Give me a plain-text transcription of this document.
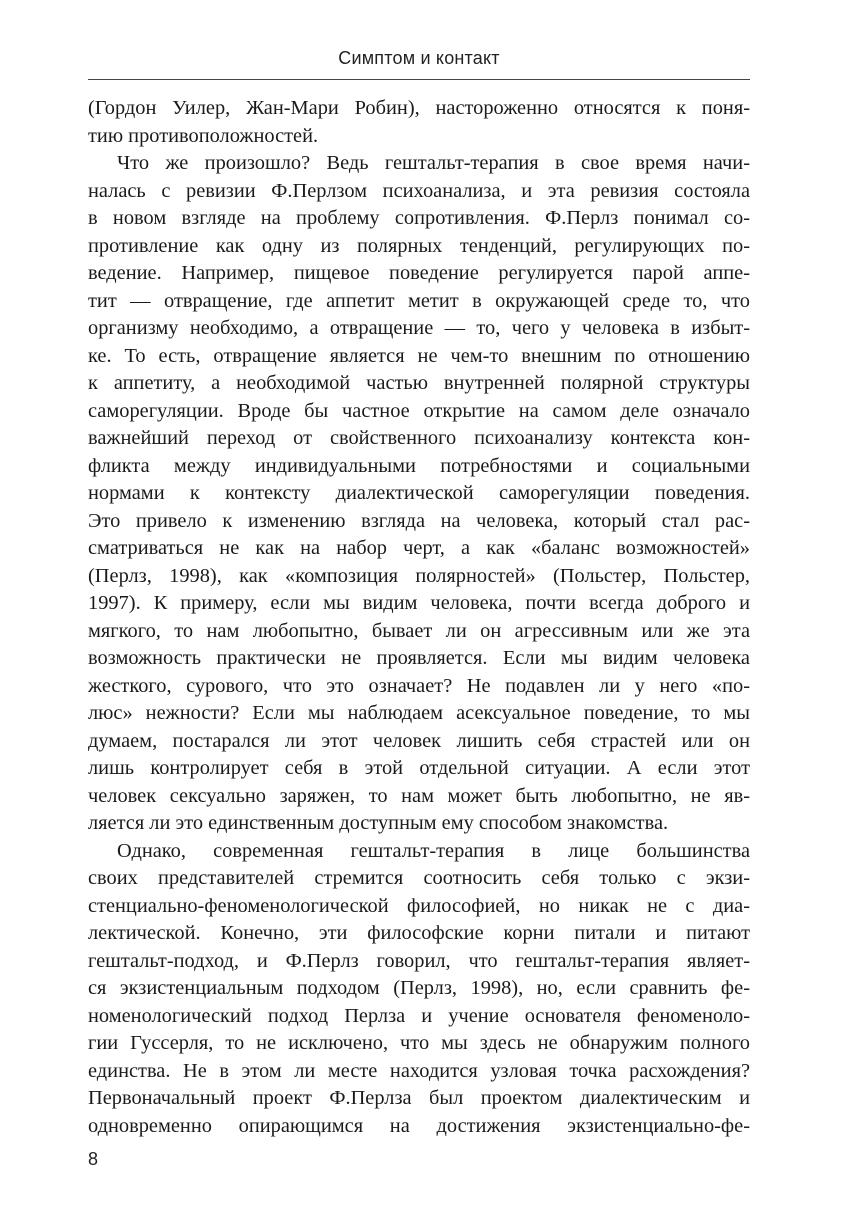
Симптом и контакт
(Гордон Уилер, Жан-Мари Робин), настороженно относятся к поня-
тию противоположностей.
Что же произошло? Ведь гештальт-терапия в свое время начи-
налась с ревизии Ф.Перлзом психоанализа, и эта ревизия состояла
в новом взгляде на проблему сопротивления. Ф.Перлз понимал со-
противление как одну из полярных тенденций, регулирующих по-
ведение. Например, пищевое поведение регулируется парой аппе-
тит — отвращение, где аппетит метит в окружающей среде то, что
организму необходимо, а отвращение — то, чего у человека в избыт-
ке. То есть, отвращение является не чем-то внешним по отношению
к аппетиту, а необходимой частью внутренней полярной структуры
саморегуляции. Вроде бы частное открытие на самом деле означало
важнейший переход от свойственного психоанализу контекста кон-
фликта между индивидуальными потребностями и социальными
нормами к контексту диалектической саморегуляции поведения.
Это привело к изменению взгляда на человека, который стал рас-
сматриваться не как на набор черт, а как «баланс возможностей»
(Перлз, 1998), как «композиция полярностей» (Польстер, Польстер,
1997). К примеру, если мы видим человека, почти всегда доброго и
мягкого, то нам любопытно, бывает ли он агрессивным или же эта
возможность практически не проявляется. Если мы видим человека
жесткого, сурового, что это означает? Не подавлен ли у него «по-
люс» нежности? Если мы наблюдаем асексуальное поведение, то мы
думаем, постарался ли этот человек лишить себя страстей или он
лишь контролирует себя в этой отдельной ситуации. А если этот
человек сексуально заряжен, то нам может быть любопытно, не яв-
ляется ли это единственным доступным ему способом знакомства.
Однако, современная гештальт-терапия в лице большинства
своих представителей стремится соотносить себя только с экзи-
стенциально-феноменологической философией, но никак не с диа-
лектической. Конечно, эти философские корни питали и питают
гештальт-подход, и Ф.Перлз говорил, что гештальт-терапия являет-
ся экзистенциальным подходом (Перлз, 1998), но, если сравнить фе-
номенологический подход Перлза и учение основателя феноменоло-
гии Гуссерля, то не исключено, что мы здесь не обнаружим полного
единства. Не в этом ли месте находится узловая точка расхождения?
Первоначальный проект Ф.Перлза был проектом диалектическим и
одновременно опирающимся на достижения экзистенциально-фе-
8
